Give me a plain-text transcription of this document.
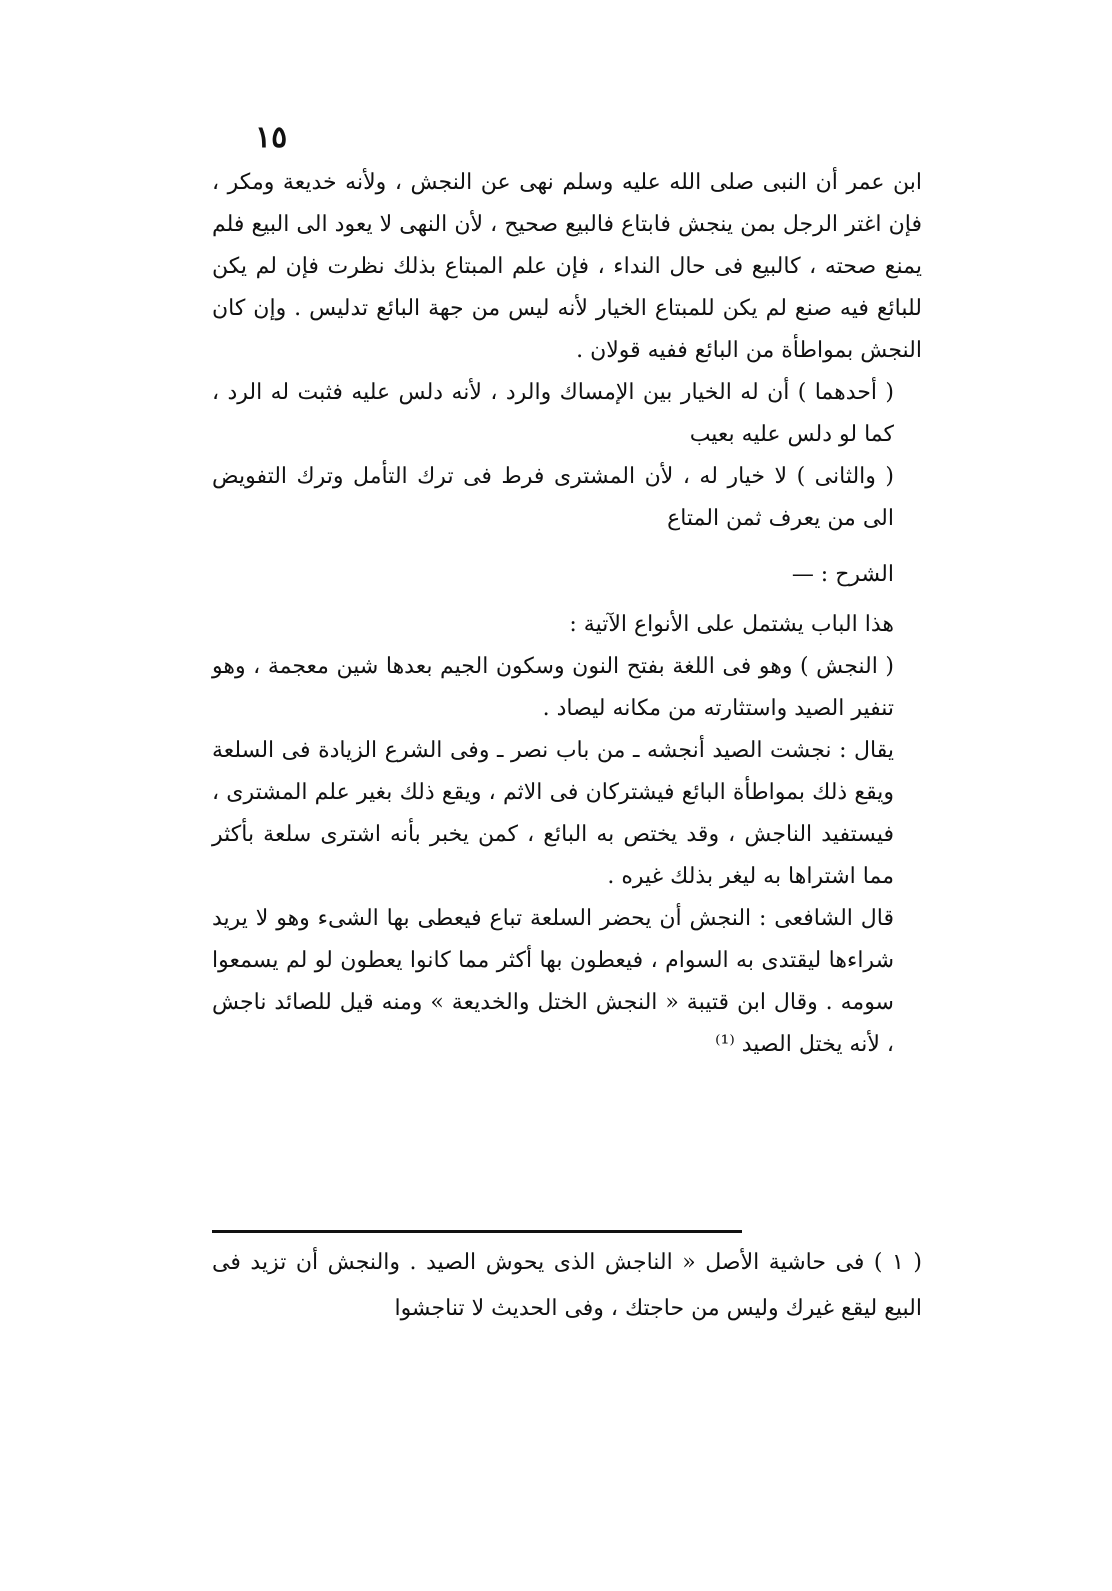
١٥

ابن عمر أن النبى صلى الله عليه وسلم نهى عن النجش ، ولأنه خديعة ومكر ، فإن اغتر الرجل بمن ينجش فابتاع فالبيع صحيح ، لأن النهى لا يعود الى البيع فلم يمنع صحته ، كالبيع فى حال النداء ، فإن علم المبتاع بذلك نظرت فإن لم يكن للبائع فيه صنع لم يكن للمبتاع الخيار لأنه ليس من جهة البائع تدليس . وإن كان النجش بمواطأة من البائع ففيه قولان .

( أحدهما ) أن له الخيار بين الإمساك والرد ، لأنه دلس عليه فثبت له الرد ، كما لو دلس عليه بعيب

( والثانى ) لا خيار له ، لأن المشترى فرط فى ترك التأمل وترك التفويض الى من يعرف ثمن المتاع

الشرح : —

هذا الباب يشتمل على الأنواع الآتية :

( النجش ) وهو فى اللغة بفتح النون وسكون الجيم بعدها شين معجمة ، وهو تنفير الصيد واستثارته من مكانه ليصاد .

يقال : نجشت الصيد أنجشه ـ من باب نصر ـ وفى الشرع الزيادة فى السلعة ويقع ذلك بمواطأة البائع فيشتركان فى الاثم ، ويقع ذلك بغير علم المشترى ، فيستفيد الناجش ، وقد يختص به البائع ، كمن يخبر بأنه اشترى سلعة بأكثر مما اشتراها به ليغر بذلك غيره .

قال الشافعى : النجش أن يحضر السلعة تباع فيعطى بها الشىء وهو لا يريد شراءها ليقتدى به السوام ، فيعطون بها أكثر مما كانوا يعطون لو لم يسمعوا سومه . وقال ابن قتيبة « النجش الختل والخديعة » ومنه قيل للصائد ناجش ، لأنه يختل الصيد ⁽¹⁾

( ١ ) فى حاشية الأصل « الناجش الذى يحوش الصيد . والنجش أن تزيد فى البيع ليقع غيرك وليس من حاجتك ، وفى الحديث لا تناجشوا
